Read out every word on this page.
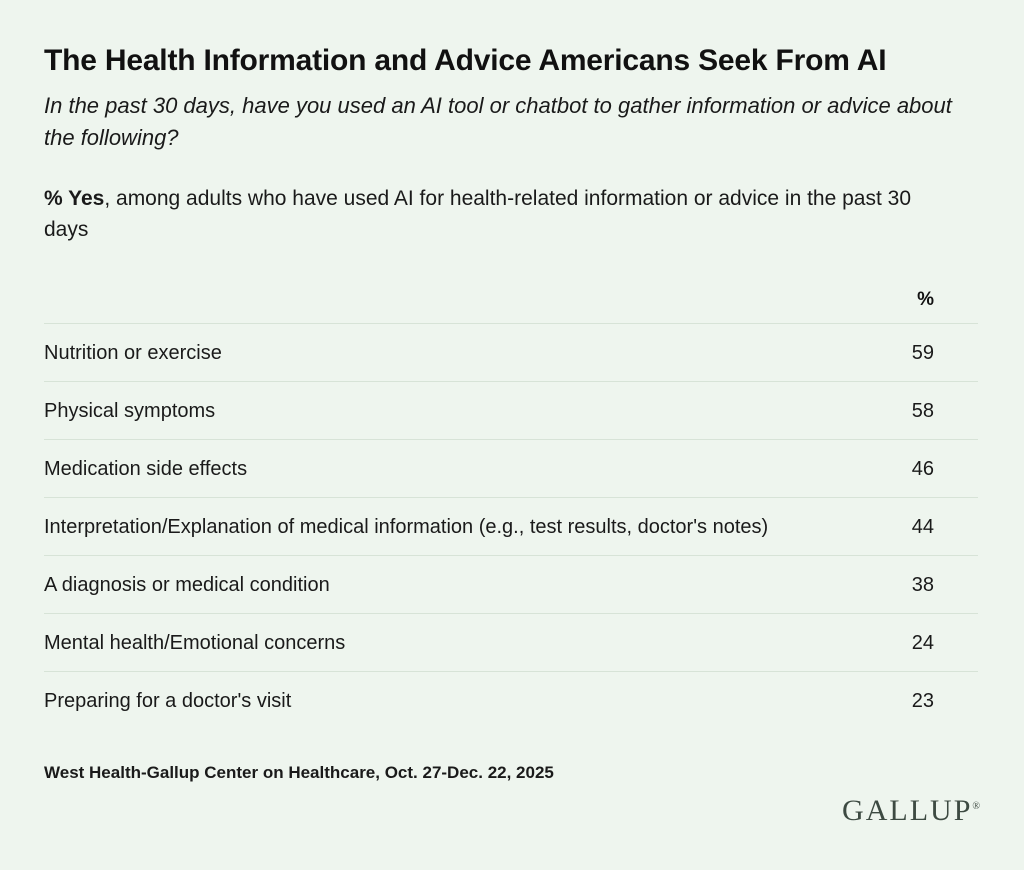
The Health Information and Advice Americans Seek From AI

In the past 30 days, have you used an AI tool or chatbot to gather information or advice about the following?

% Yes, among adults who have used AI for health-related information or advice in the past 30 days

	%
Nutrition or exercise	59
Physical symptoms	58
Medication side effects	46
Interpretation/Explanation of medical information (e.g., test results, doctor's notes)	44
A diagnosis or medical condition	38
Mental health/Emotional concerns	24
Preparing for a doctor's visit	23
West Health-Gallup Center on Healthcare, Oct. 27-Dec. 22, 2025
GALLUP®
